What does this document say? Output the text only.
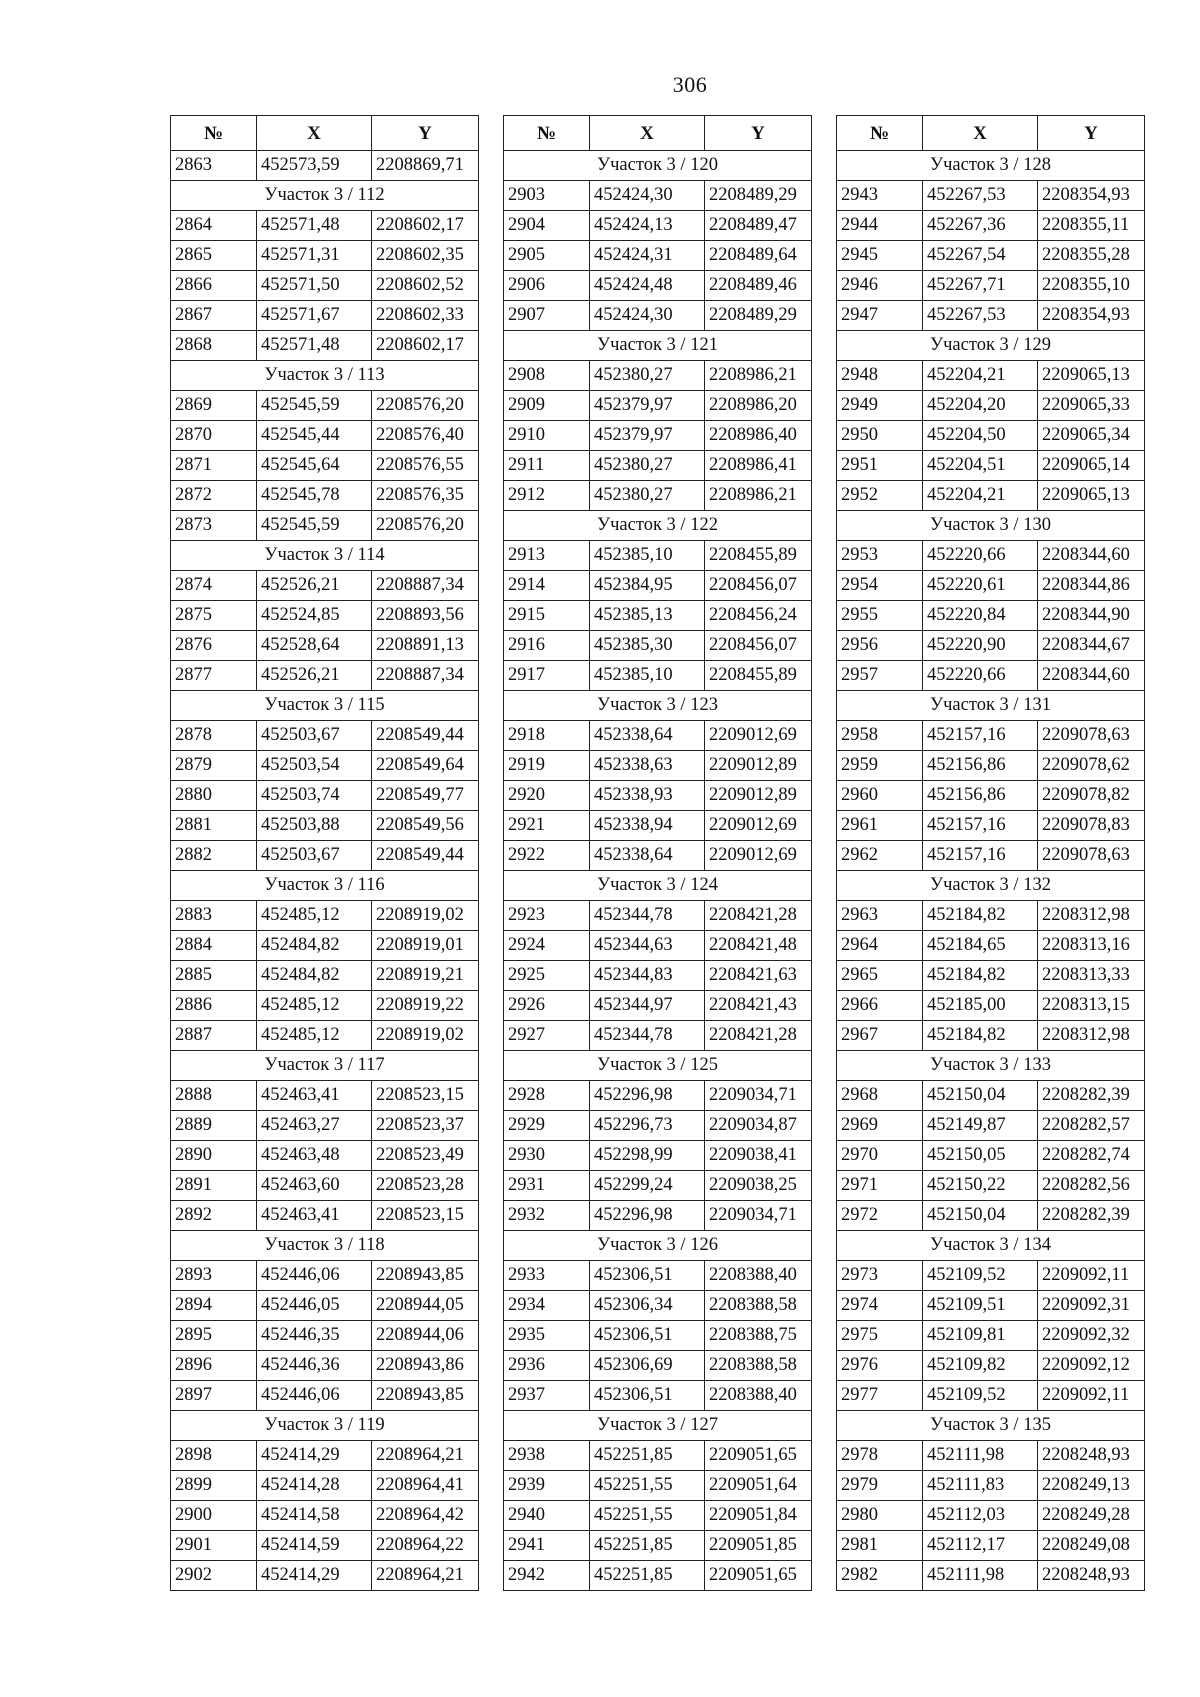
306
№	X	Y
2863	452573,59	2208869,71
Участок 3 / 112		
2864	452571,48	2208602,17
2865	452571,31	2208602,35
2866	452571,50	2208602,52
2867	452571,67	2208602,33
2868	452571,48	2208602,17
Участок 3 / 113		
2869	452545,59	2208576,20
2870	452545,44	2208576,40
2871	452545,64	2208576,55
2872	452545,78	2208576,35
2873	452545,59	2208576,20
Участок 3 / 114		
2874	452526,21	2208887,34
2875	452524,85	2208893,56
2876	452528,64	2208891,13
2877	452526,21	2208887,34
Участок 3 / 115		
2878	452503,67	2208549,44
2879	452503,54	2208549,64
2880	452503,74	2208549,77
2881	452503,88	2208549,56
2882	452503,67	2208549,44
Участок 3 / 116		
2883	452485,12	2208919,02
2884	452484,82	2208919,01
2885	452484,82	2208919,21
2886	452485,12	2208919,22
2887	452485,12	2208919,02
Участок 3 / 117		
2888	452463,41	2208523,15
2889	452463,27	2208523,37
2890	452463,48	2208523,49
2891	452463,60	2208523,28
2892	452463,41	2208523,15
Участок 3 / 118		
2893	452446,06	2208943,85
2894	452446,05	2208944,05
2895	452446,35	2208944,06
2896	452446,36	2208943,86
2897	452446,06	2208943,85
Участок 3 / 119		
2898	452414,29	2208964,21
2899	452414,28	2208964,41
2900	452414,58	2208964,42
2901	452414,59	2208964,22
2902	452414,29	2208964,21
№	X	Y
Участок 3 / 120		
2903	452424,30	2208489,29
2904	452424,13	2208489,47
2905	452424,31	2208489,64
2906	452424,48	2208489,46
2907	452424,30	2208489,29
Участок 3 / 121		
2908	452380,27	2208986,21
2909	452379,97	2208986,20
2910	452379,97	2208986,40
2911	452380,27	2208986,41
2912	452380,27	2208986,21
Участок 3 / 122		
2913	452385,10	2208455,89
2914	452384,95	2208456,07
2915	452385,13	2208456,24
2916	452385,30	2208456,07
2917	452385,10	2208455,89
Участок 3 / 123		
2918	452338,64	2209012,69
2919	452338,63	2209012,89
2920	452338,93	2209012,89
2921	452338,94	2209012,69
2922	452338,64	2209012,69
Участок 3 / 124		
2923	452344,78	2208421,28
2924	452344,63	2208421,48
2925	452344,83	2208421,63
2926	452344,97	2208421,43
2927	452344,78	2208421,28
Участок 3 / 125		
2928	452296,98	2209034,71
2929	452296,73	2209034,87
2930	452298,99	2209038,41
2931	452299,24	2209038,25
2932	452296,98	2209034,71
Участок 3 / 126		
2933	452306,51	2208388,40
2934	452306,34	2208388,58
2935	452306,51	2208388,75
2936	452306,69	2208388,58
2937	452306,51	2208388,40
Участок 3 / 127		
2938	452251,85	2209051,65
2939	452251,55	2209051,64
2940	452251,55	2209051,84
2941	452251,85	2209051,85
2942	452251,85	2209051,65
№	X	Y
Участок 3 / 128		
2943	452267,53	2208354,93
2944	452267,36	2208355,11
2945	452267,54	2208355,28
2946	452267,71	2208355,10
2947	452267,53	2208354,93
Участок 3 / 129		
2948	452204,21	2209065,13
2949	452204,20	2209065,33
2950	452204,50	2209065,34
2951	452204,51	2209065,14
2952	452204,21	2209065,13
Участок 3 / 130		
2953	452220,66	2208344,60
2954	452220,61	2208344,86
2955	452220,84	2208344,90
2956	452220,90	2208344,67
2957	452220,66	2208344,60
Участок 3 / 131		
2958	452157,16	2209078,63
2959	452156,86	2209078,62
2960	452156,86	2209078,82
2961	452157,16	2209078,83
2962	452157,16	2209078,63
Участок 3 / 132		
2963	452184,82	2208312,98
2964	452184,65	2208313,16
2965	452184,82	2208313,33
2966	452185,00	2208313,15
2967	452184,82	2208312,98
Участок 3 / 133		
2968	452150,04	2208282,39
2969	452149,87	2208282,57
2970	452150,05	2208282,74
2971	452150,22	2208282,56
2972	452150,04	2208282,39
Участок 3 / 134		
2973	452109,52	2209092,11
2974	452109,51	2209092,31
2975	452109,81	2209092,32
2976	452109,82	2209092,12
2977	452109,52	2209092,11
Участок 3 / 135		
2978	452111,98	2208248,93
2979	452111,83	2208249,13
2980	452112,03	2208249,28
2981	452112,17	2208249,08
2982	452111,98	2208248,93
